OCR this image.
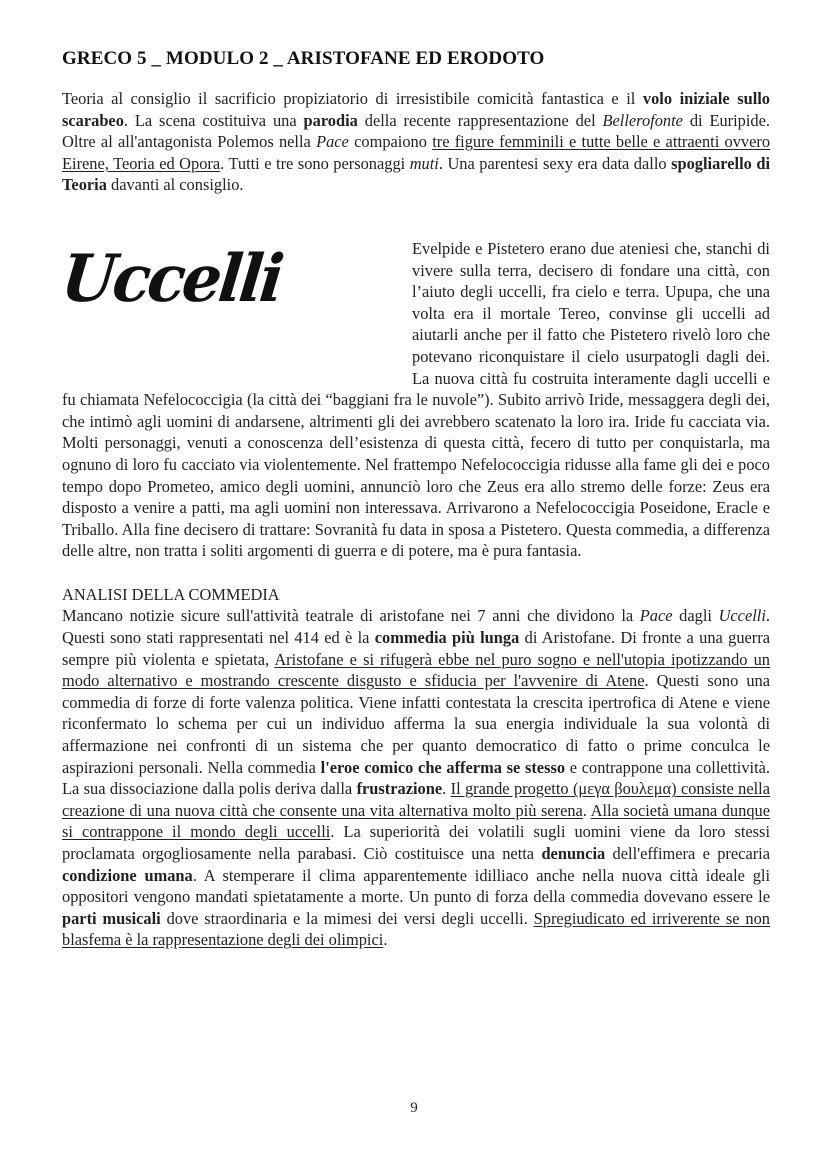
GRECO 5 _ MODULO 2 _ ARISTOFANE ED ERODOTO

Teoria al consiglio il sacrificio propiziatorio di irresistibile comicità fantastica e il volo iniziale sullo scarabeo. La scena costituiva una parodia della recente rappresentazione del Bellerofonte di Euripide. Oltre al all'antagonista Polemos nella Pace compaiono tre figure femminili e tutte belle e attraenti ovvero Eirene, Teoria ed Opora. Tutti e tre sono personaggi muti. Una parentesi sexy era data dallo spogliarello di Teoria davanti al consiglio.

Uccelli	Evelpide e Pistetero erano due ateniesi che, stanchi di vivere sulla terra, decisero di fondare una città, con l’aiuto degli uccelli, fra cielo e terra. Upupa, che una volta era il mortale Tereo, convinse gli uccelli ad aiutarli anche per il fatto che Pistetero rivelò loro che potevano riconquistare il cielo usurpatogli dagli dei. La nuova città fu costruita interamente dagli uccelli e fu chiamata Nefelococcigia (la città dei “baggiani fra le nuvole”). Subito arrivò Iride, messaggera degli dei, che intimò agli uomini di andarsene, altrimenti gli dei avrebbero scatenato la loro ira. Iride fu cacciata via. Molti personaggi, venuti a conoscenza dell’esistenza di questa città, fecero di tutto per conquistarla, ma ognuno di loro fu cacciato via violentemente. Nel frattempo Nefelococcigia ridusse alla fame gli dei e poco tempo dopo Prometeo, amico degli uomini, annunciò loro che Zeus era allo stremo delle forze: Zeus era disposto a venire a patti, ma agli uomini non interessava. Arrivarono a Nefelococcigia Poseidone, Eracle e Triballo. Alla fine decisero di trattare: Sovranità fu data in sposa a Pistetero. Questa commedia, a differenza delle altre, non tratta i soliti argomenti di guerra e di potere, ma è pura fantasia.

ANALISI DELLA COMMEDIA

Mancano notizie sicure sull'attività teatrale di aristofane nei 7 anni che dividono la Pace dagli Uccelli. Questi sono stati rappresentati nel 414 ed è la commedia più lunga di Aristofane. Di fronte a una guerra sempre più violenta e spietata, Aristofane e si rifugerà ebbe nel puro sogno e nell'utopia ipotizzando un modo alternativo e mostrando crescente disgusto e sfiducia per l'avvenire di Atene. Questi sono una commedia di forze di forte valenza politica. Viene infatti contestata la crescita ipertrofica di Atene e viene riconfermato lo schema per cui un individuo afferma la sua energia individuale la sua volontà di affermazione nei confronti di un sistema che per quanto democratico di fatto o prime conculca le aspirazioni personali. Nella commedia l'eroe comico che afferma se stesso e contrappone una collettività. La sua dissociazione dalla polis deriva dalla frustrazione. Il grande progetto (μεγα βουλεμα) consiste nella creazione di una nuova città che consente una vita alternativa molto più serena. Alla società umana dunque si contrappone il mondo degli uccelli. La superiorità dei volatili sugli uomini viene da loro stessi proclamata orgogliosamente nella parabasi. Ciò costituisce una netta denuncia dell'effimera e precaria condizione umana. A stemperare il clima apparentemente idilliaco anche nella nuova città ideale gli oppositori vengono mandati spietatamente a morte. Un punto di forza della commedia dovevano essere le parti musicali dove straordinaria e la mimesi dei versi degli uccelli. Spregiudicato ed irriverente se non blasfema è la rappresentazione degli dei olimpici.

9
